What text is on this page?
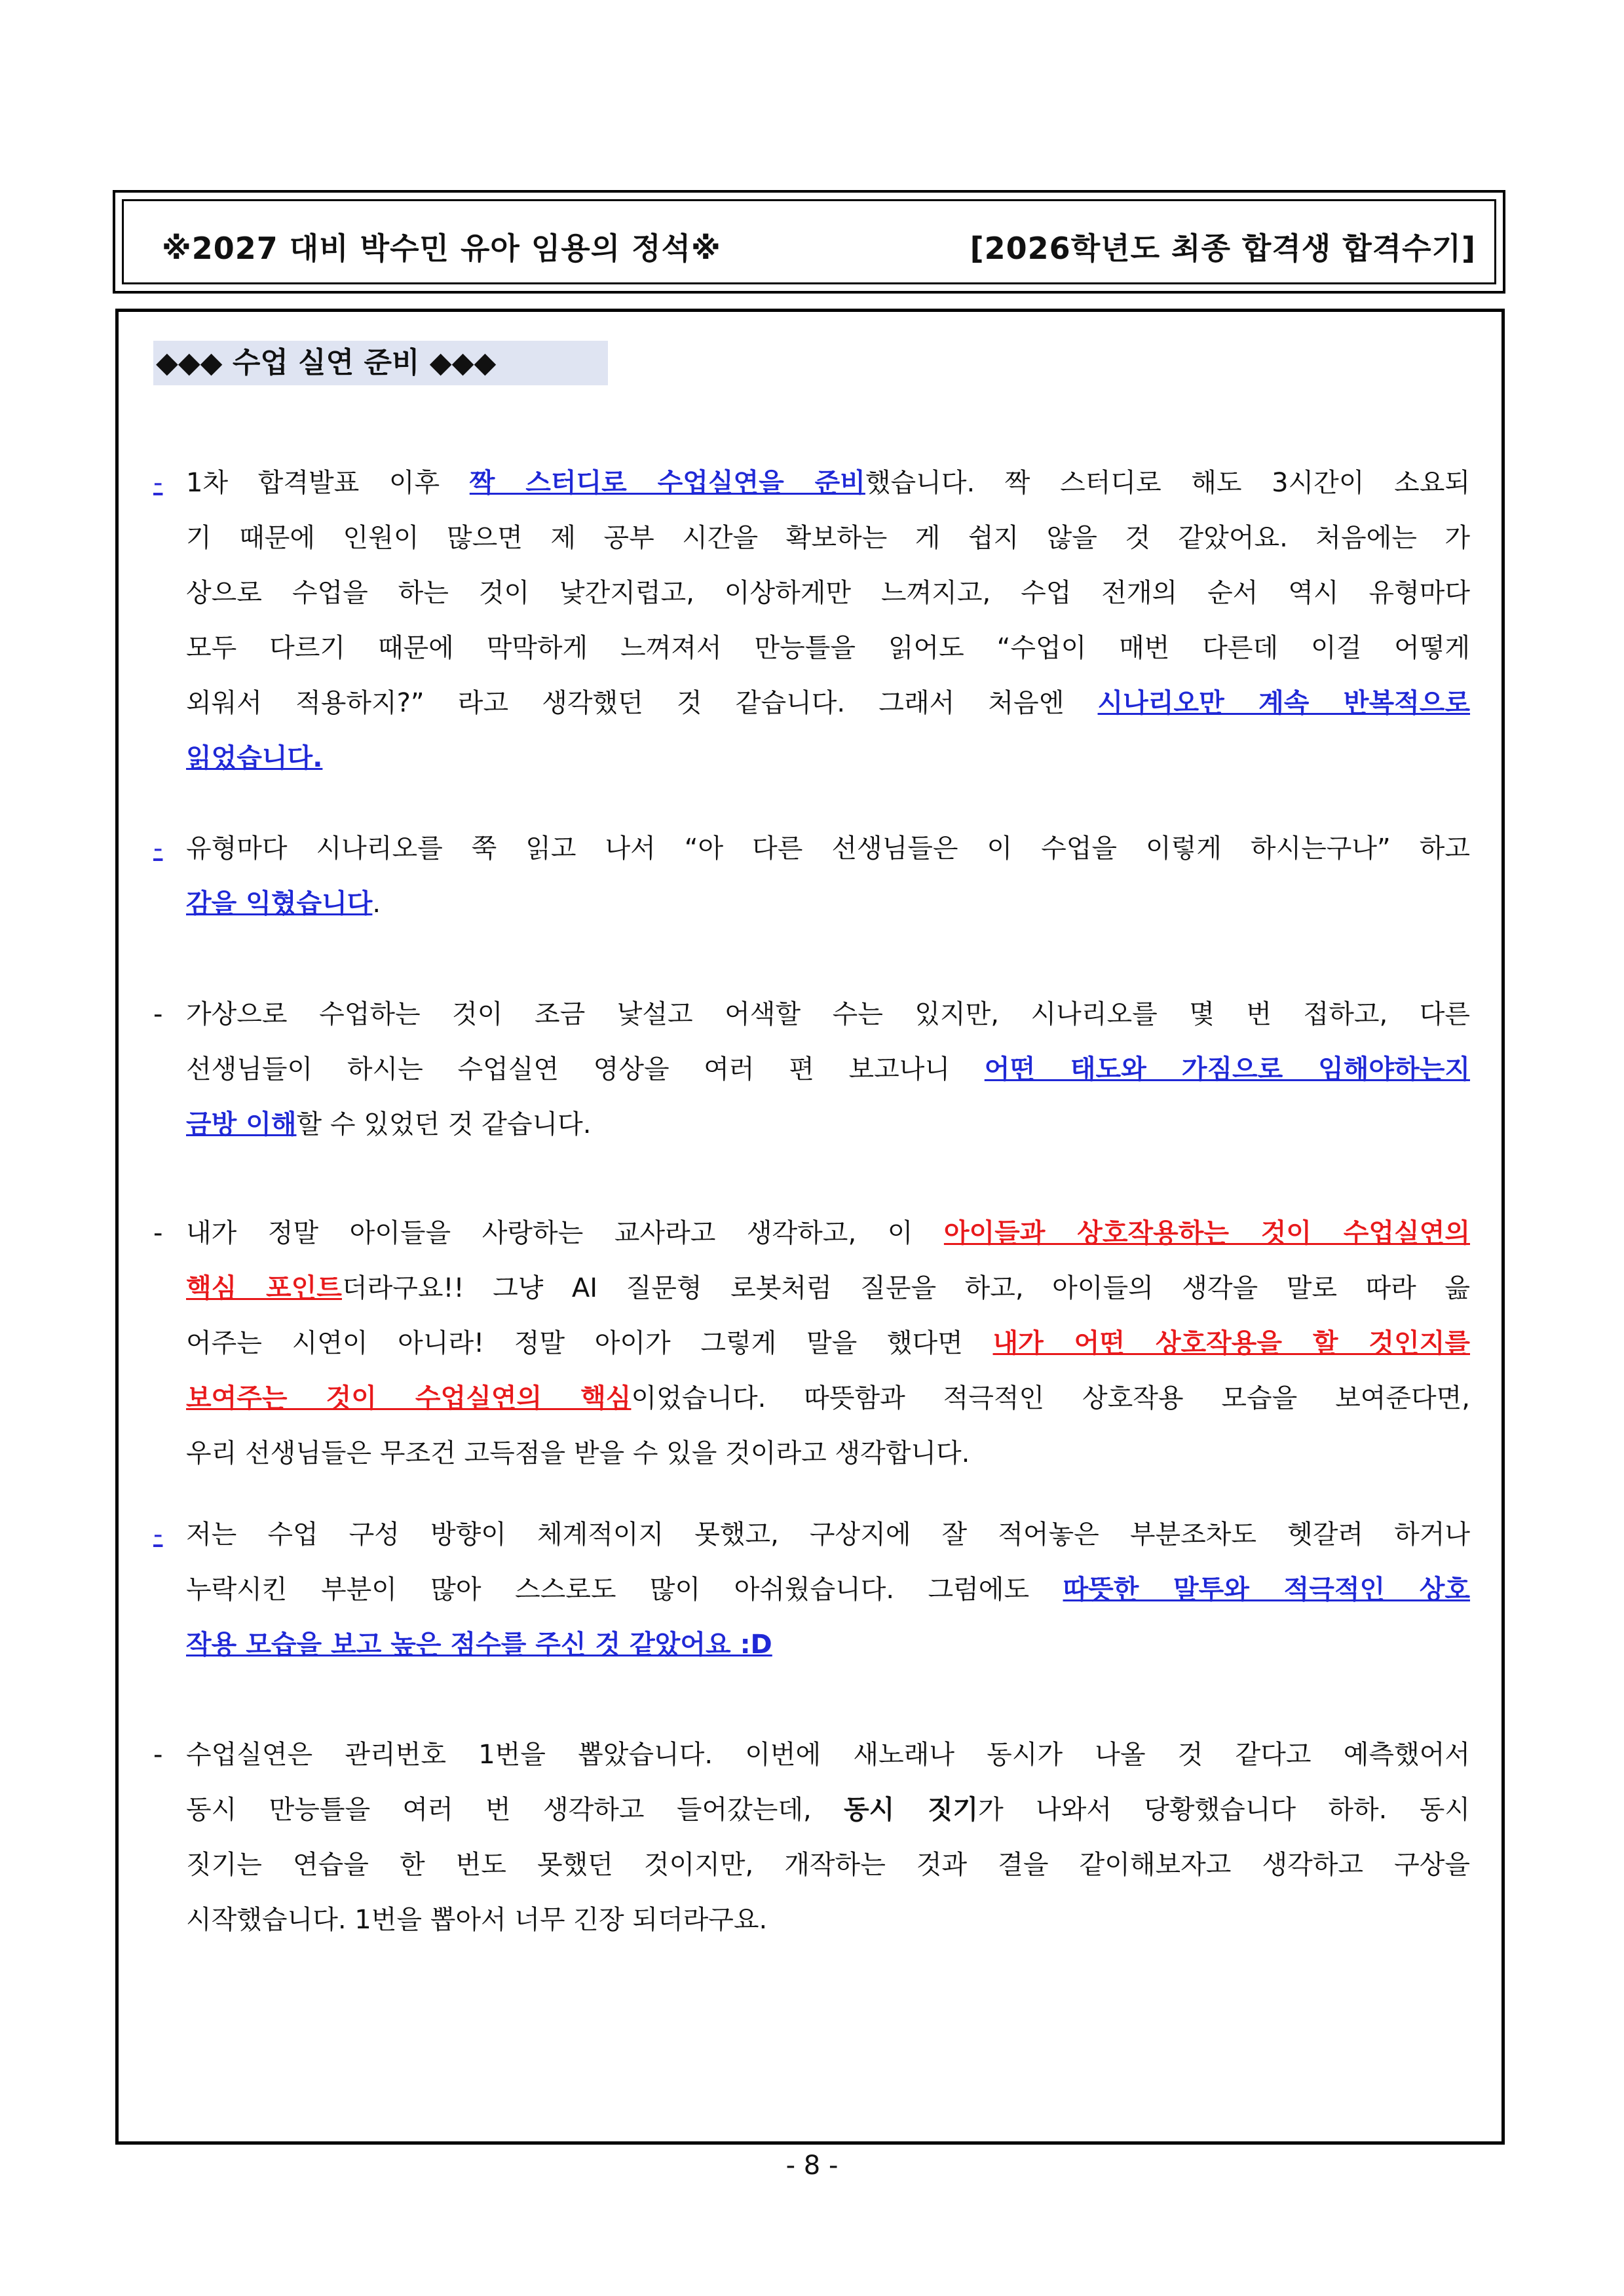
※2027 대비 박수민 유아 임용의 정석※	[2026학년도 최종 합격생 합격수기]
◆◆◆ 수업 실연 준비 ◆◆◆
- 1차 합격발표 이후 짝 스터디로 수업실연을 준비했습니다. 짝 스터디로 해도 3시간이 소요되
기 때문에 인원이 많으면 제 공부 시간을 확보하는 게 쉽지 않을 것 같았어요. 처음에는 가
상으로 수업을 하는 것이 낯간지럽고, 이상하게만 느껴지고, 수업 전개의 순서 역시 유형마다
모두 다르기 때문에 막막하게 느껴져서 만능틀을 읽어도 “수업이 매번 다른데 이걸 어떻게
외워서 적용하지?” 라고 생각했던 것 같습니다. 그래서 처음엔 시나리오만 계속 반복적으로
읽었습니다.
- 유형마다 시나리오를 쭉 읽고 나서 “아 다른 선생님들은 이 수업을 이렇게 하시는구나” 하고
감을 익혔습니다.
- 가상으로 수업하는 것이 조금 낯설고 어색할 수는 있지만, 시나리오를 몇 번 접하고, 다른
선생님들이 하시는 수업실연 영상을 여러 편 보고나니 어떤 태도와 가짐으로 임해야하는지
금방 이해할 수 있었던 것 같습니다.
- 내가 정말 아이들을 사랑하는 교사라고 생각하고, 이 아이들과 상호작용하는 것이 수업실연의
핵심 포인트더라구요!! 그냥 AI 질문형 로봇처럼 질문을 하고, 아이들의 생각을 말로 따라 읊
어주는 시연이 아니라! 정말 아이가 그렇게 말을 했다면 내가 어떤 상호작용을 할 것인지를
보여주는 것이 수업실연의 핵심이었습니다. 따뜻함과 적극적인 상호작용 모습을 보여준다면,
우리 선생님들은 무조건 고득점을 받을 수 있을 것이라고 생각합니다.
- 저는 수업 구성 방향이 체계적이지 못했고, 구상지에 잘 적어놓은 부분조차도 헷갈려 하거나
누락시킨 부분이 많아 스스로도 많이 아쉬웠습니다. 그럼에도 따뜻한 말투와 적극적인 상호
작용 모습을 보고 높은 점수를 주신 것 같았어요 :D
- 수업실연은 관리번호 1번을 뽑았습니다. 이번에 새노래나 동시가 나올 것 같다고 예측했어서
동시 만능틀을 여러 번 생각하고 들어갔는데, 동시 짓기가 나와서 당황했습니다 하하. 동시
짓기는 연습을 한 번도 못했던 것이지만, 개작하는 것과 결을 같이해보자고 생각하고 구상을
시작했습니다. 1번을 뽑아서 너무 긴장 되더라구요.
- 8 -
